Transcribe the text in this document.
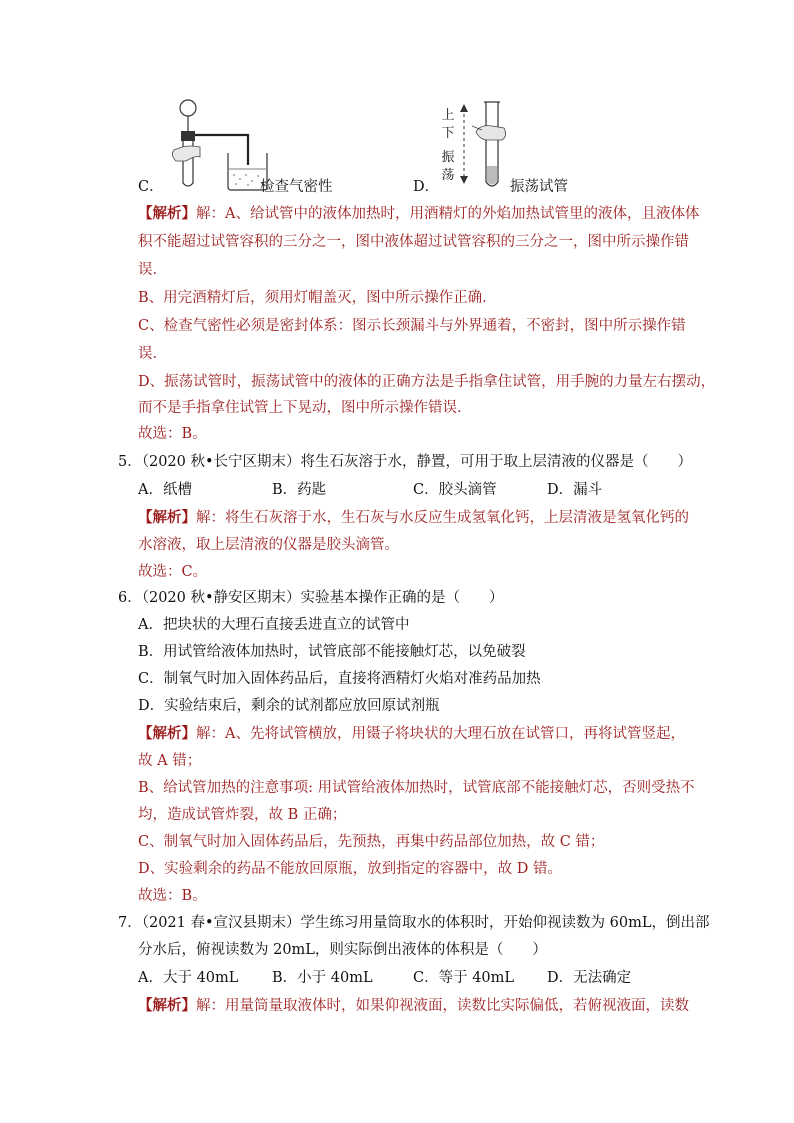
C．	检查气密性	D．
上
下
振
荡
振荡试管
【解析】解：A、给试管中的液体加热时，用酒精灯的外焰加热试管里的液体，且液体体
积不能超过试管容积的三分之一，图中液体超过试管容积的三分之一，图中所示操作错
误．
B、用完酒精灯后，须用灯帽盖灭，图中所示操作正确．
C、检查气密性必须是密封体系：图示长颈漏斗与外界通着，不密封，图中所示操作错
误．
D、振荡试管时，振荡试管中的液体的正确方法是手指拿住试管，用手腕的力量左右摆动，
而不是手指拿住试管上下晃动，图中所示操作错误．
故选：B。
5．（2020 秋•长宁区期末）将生石灰溶于水，静置，可用于取上层清液的仪器是（　　）
A．纸槽	B．药匙	C．胶头滴管	D．漏斗
【解析】解：将生石灰溶于水，生石灰与水反应生成氢氧化钙，上层清液是氢氧化钙的
水溶液，取上层清液的仪器是胶头滴管。
故选：C。
6．（2020 秋•静安区期末）实验基本操作正确的是（　　）
A．把块状的大理石直接丢进直立的试管中
B．用试管给液体加热时，试管底部不能接触灯芯，以免破裂
C．制氧气时加入固体药品后，直接将酒精灯火焰对准药品加热
D．实验结束后，剩余的试剂都应放回原试剂瓶
【解析】解：A、先将试管横放，用镊子将块状的大理石放在试管口，再将试管竖起，
故 A 错；
B、给试管加热的注意事项: 用试管给液体加热时，试管底部不能接触灯芯，否则受热不
均，造成试管炸裂，故 B 正确；
C、制氧气时加入固体药品后，先预热，再集中药品部位加热，故 C 错；
D、实验剩余的药品不能放回原瓶，放到指定的容器中，故 D 错。
故选：B。
7．（2021 春•宣汉县期末）学生练习用量筒取水的体积时，开始仰视读数为 60mL，倒出部
分水后，俯视读数为 20mL，则实际倒出液体的体积是（　　）
A．大于 40mL B．小于 40mL	C．等于 40mL D．无法确定
【解析】解：用量筒量取液体时，如果仰视液面，读数比实际偏低，若俯视液面，读数
